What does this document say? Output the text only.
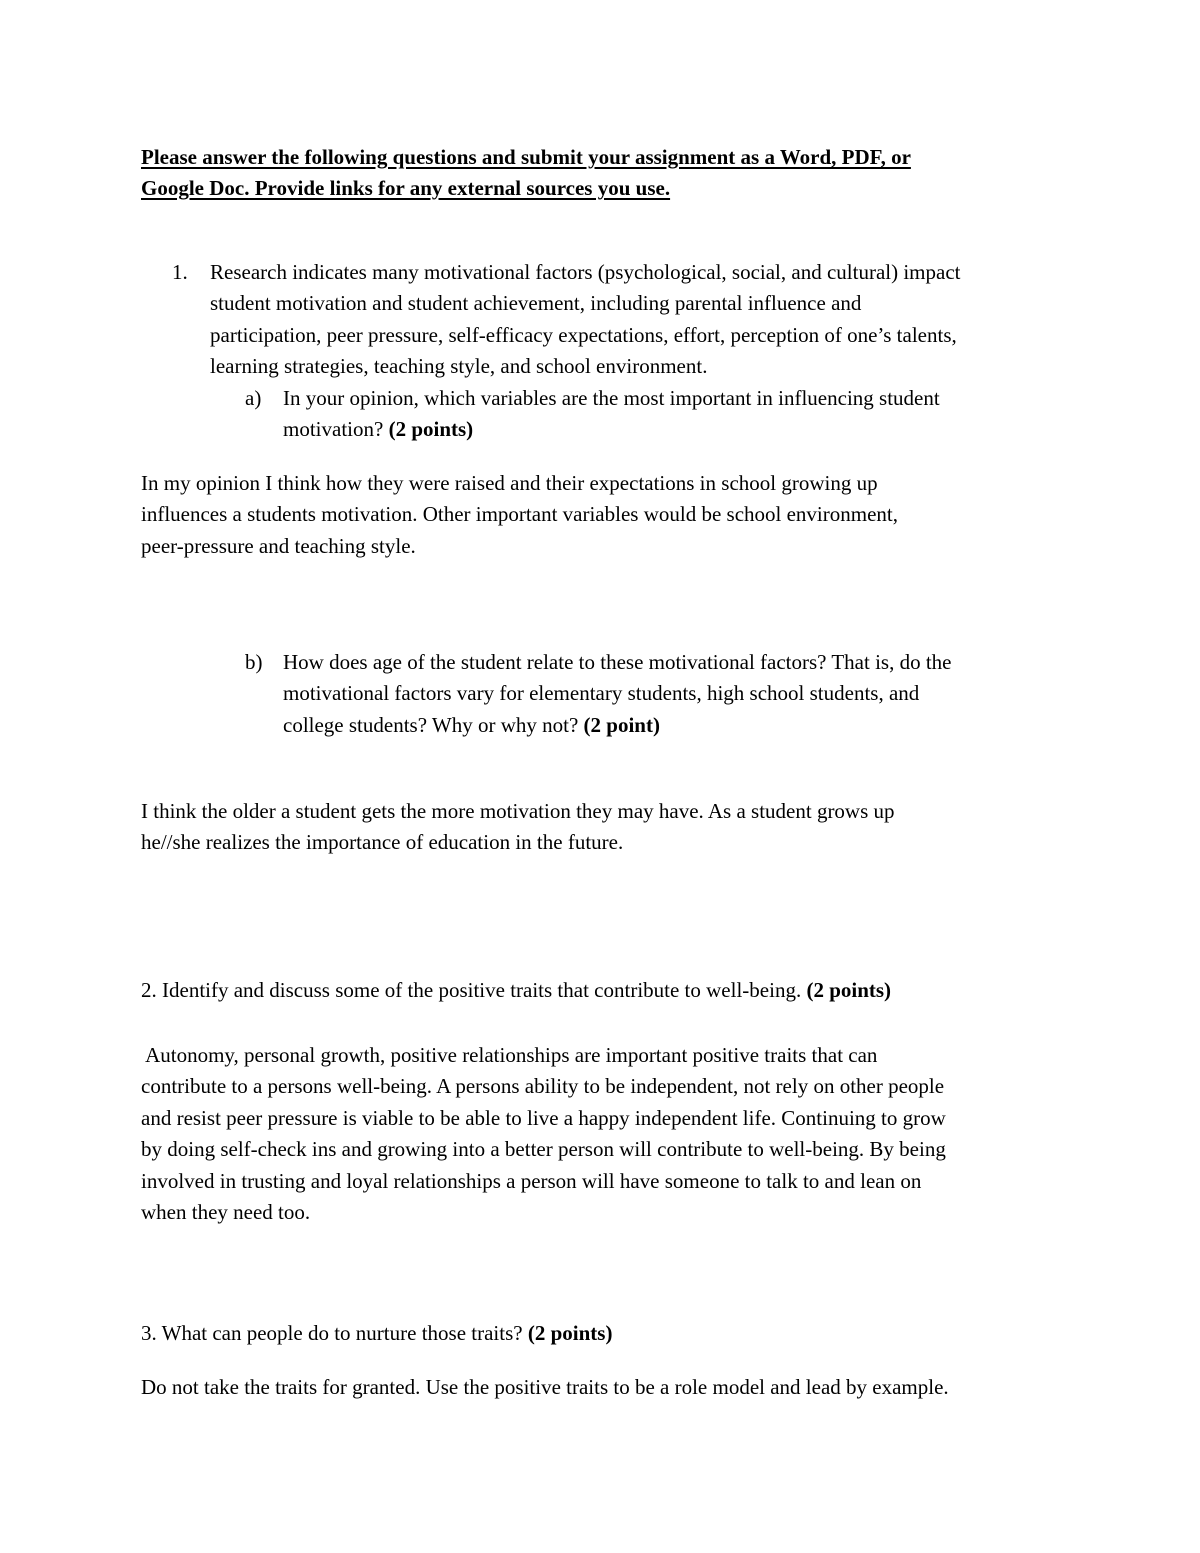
Please answer the following questions and submit your assignment as a Word, PDF, or

Google Doc. Provide links for any external sources you use.

1. Research indicates many motivational factors (psychological, social, and cultural) impact

student motivation and student achievement, including parental influence and

participation, peer pressure, self-efficacy expectations, effort, perception of one’s talents,

learning strategies, teaching style, and school environment.

a) In your opinion, which variables are the most important in influencing student

motivation? (2 points)

In my opinion I think how they were raised and their expectations in school growing up

influences a students motivation. Other important variables would be school environment,

peer-pressure and teaching style.

b) How does age of the student relate to these motivational factors? That is, do the

motivational factors vary for elementary students, high school students, and

college students? Why or why not? (2 point)

I think the older a student gets the more motivation they may have. As a student grows up

he//she realizes the importance of education in the future.

2. Identify and discuss some of the positive traits that contribute to well-being. (2 points)

Autonomy, personal growth, positive relationships are important positive traits that can

contribute to a persons well-being. A persons ability to be independent, not rely on other people

and resist peer pressure is viable to be able to live a happy independent life. Continuing to grow

by doing self-check ins and growing into a better person will contribute to well-being. By being

involved in trusting and loyal relationships a person will have someone to talk to and lean on

when they need too.

3. What can people do to nurture those traits? (2 points)

Do not take the traits for granted. Use the positive traits to be a role model and lead by example.
